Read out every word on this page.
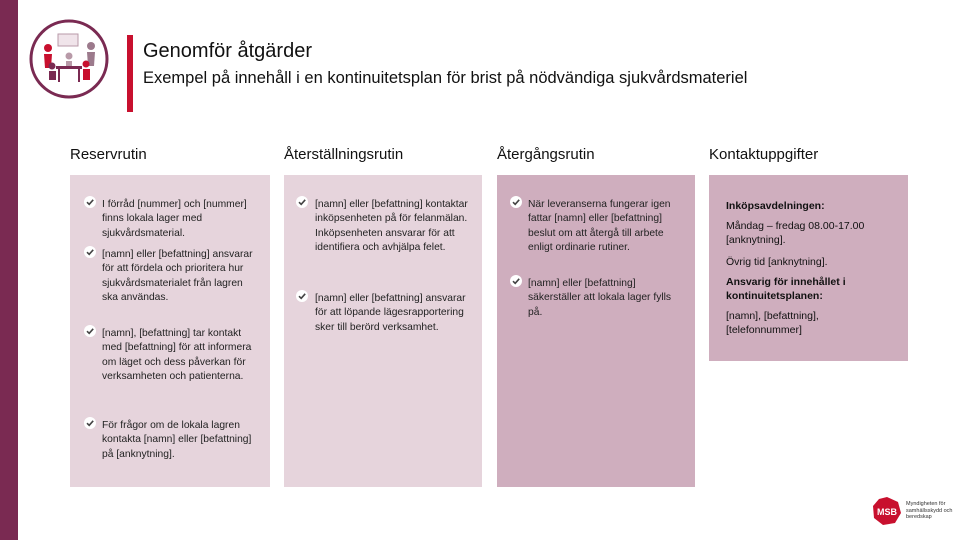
Genomför åtgärder
Exempel på innehåll i en kontinuitetsplan för brist på nödvändiga sjukvårdsmateriel
Reservrutin	Återställningsrutin	Återgångsrutin	Kontaktuppgifter
I förråd [nummer] och [nummer] finns lokala lager med sjukvårdsmaterial.
[namn] eller [befattning] ansvarar för att fördela och prioritera hur sjukvårdsmaterialet från lagren ska användas.
[namn], [befattning] tar kontakt med [befattning] för att informera om läget och dess påverkan för verksamheten och patienterna.
För frågor om de lokala lagren kontakta [namn] eller [befattning] på [anknytning].
[namn] eller [befattning] kontaktar inköpsenheten på för felanmälan. Inköpsenheten ansvarar för att identifiera och avhjälpa felet.
[namn] eller [befattning] ansvarar för att löpande lägesrapportering sker till berörd verksamhet.
När leveranserna fungerar igen fattar [namn] eller [befattning] beslut om att återgå till arbete enligt ordinarie rutiner.
[namn] eller [befattning] säkerställer att lokala lager fylls på.
Inköpsavdelningen:
Måndag – fredag 08.00-17.00 [anknytning].
Övrig tid [anknytning].
Ansvarig för innehållet i kontinuitetsplanen:
[namn], [befattning], [telefonnummer]
MSB
Myndigheten för samhällsskydd och beredskap
